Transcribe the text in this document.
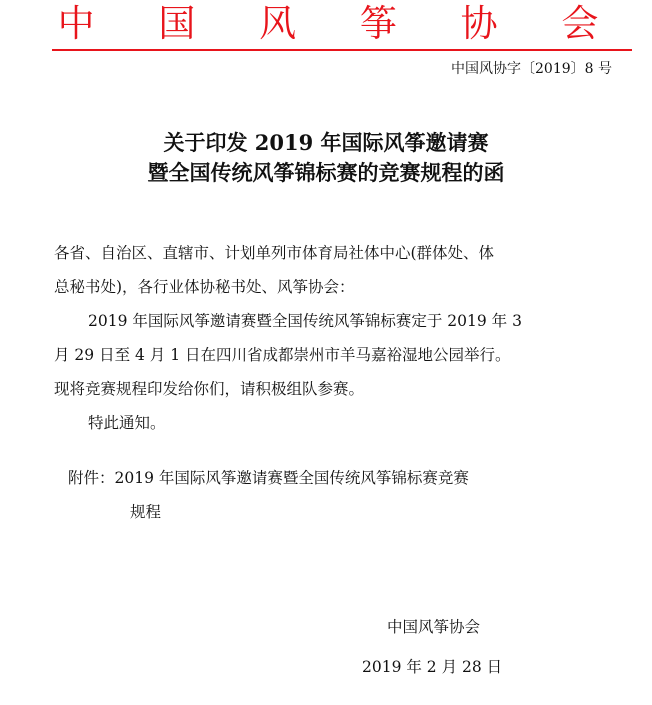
中 国 风 筝 协 会
中国风协字〔2019〕8 号
关于印发 2019 年国际风筝邀请赛
暨全国传统风筝锦标赛的竞赛规程的函
各省、自治区、直辖市、计划单列市体育局社体中心(群体处、体
总秘书处)，各行业体协秘书处、风筝协会：
2019 年国际风筝邀请赛暨全国传统风筝锦标赛定于 2019 年 3
月 29 日至 4 月 1 日在四川省成都崇州市羊马嘉裕湿地公园举行。
现将竞赛规程印发给你们，请积极组队参赛。
特此通知。
附件：2019 年国际风筝邀请赛暨全国传统风筝锦标赛竞赛
规程
中国风筝协会
2019 年 2 月 28 日
